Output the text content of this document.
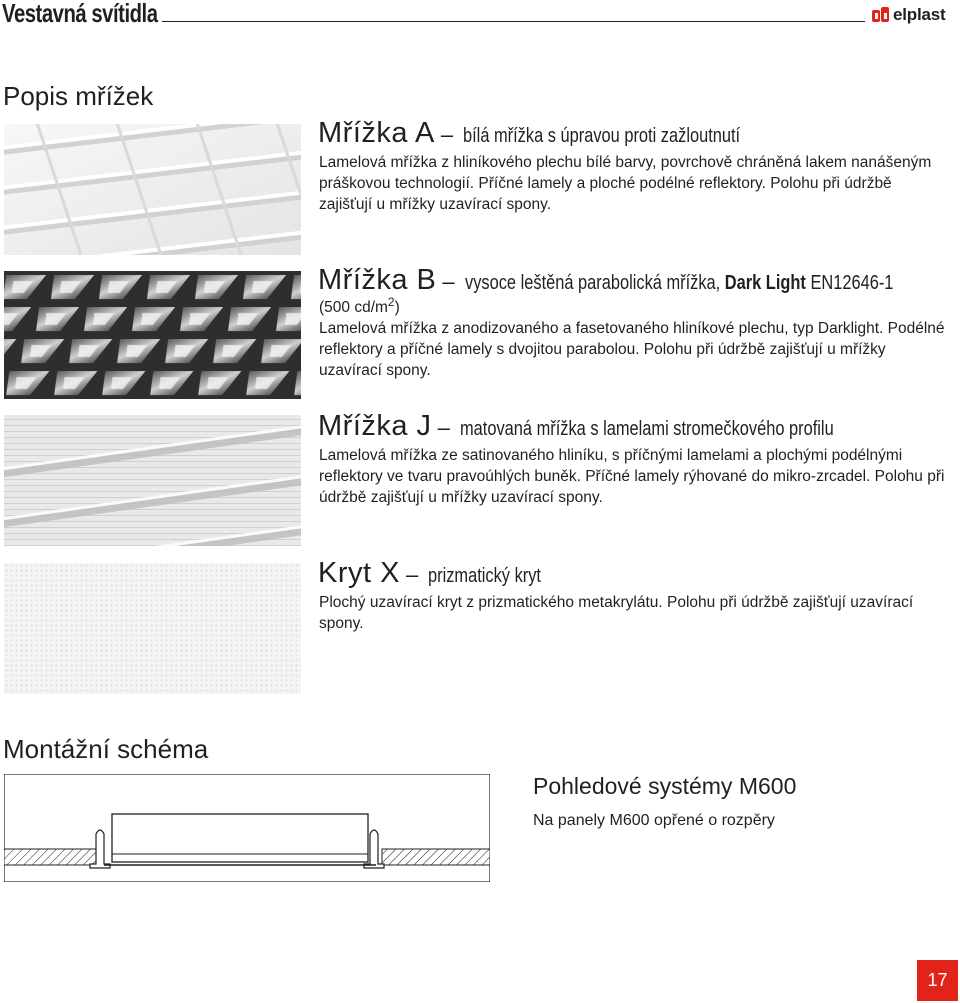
Vestavná svítidla	elplast
Popis mřížek
Mřížka A – bílá mřížka s úpravou proti zažloutnutí
Lamelová mřížka z hliníkového plechu bílé barvy, povrchově chráněná lakem nanášeným práškovou technologií. Příčné lamely a ploché podélné reflektory. Polohu při údržbě zajišťují u mřížky uzavírací spony.
Mřížka B – vysoce leštěná parabolická mřížka, Dark Light EN12646-1
(500 $cd/m^2$)
Lamelová mřížka z anodizovaného a fasetovaného hliníkové plechu, typ Darklight. Podélné reflektory a příčné lamely s dvojitou parabolou. Polohu při údržbě zajišťují u mřížky uzavírací spony.
Mřížka J – matovaná mřížka s lamelami stromečkového profilu
Lamelová mřížka ze satinovaného hliníku, s příčnými lamelami a plochými podélnými reflektory ve tvaru pravoúhlých buněk. Příčné lamely rýhované do mikro-zrcadel. Polohu při údržbě zajišťují u mřížky uzavírací spony.
Kryt X – prizmatický kryt
Plochý uzavírací kryt z prizmatického metakrylátu. Polohu při údržbě zajišťují uzavírací spony.
Montážní schéma
Pohledové systémy M600
Na panely M600 opřené o rozpěry
17
